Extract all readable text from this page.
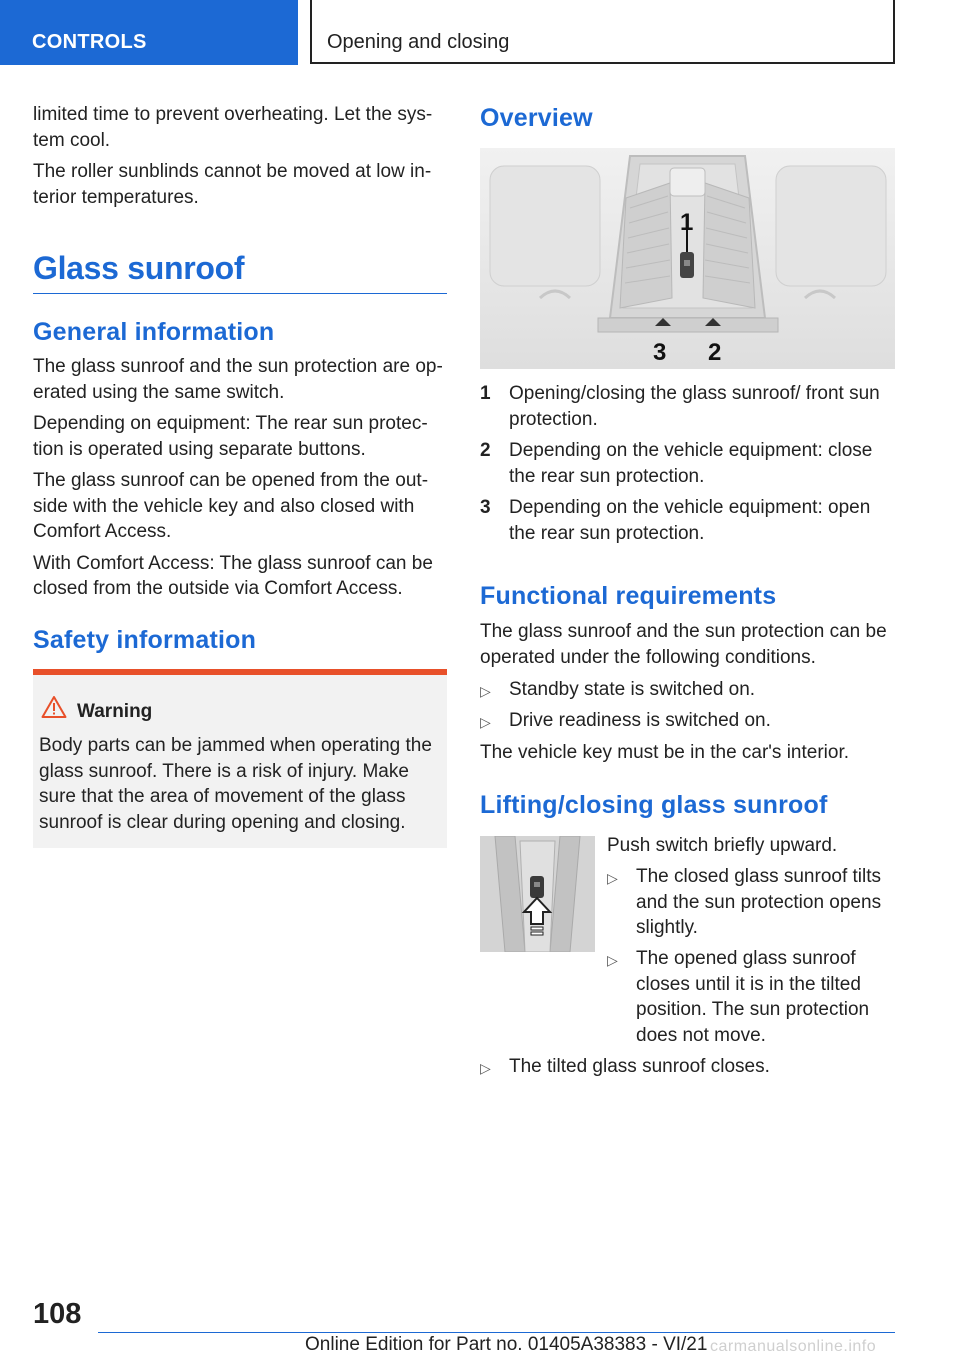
CONTROLS	Opening and closing

limited time to prevent overheating. Let the sys-

tem cool.

The roller sunblinds cannot be moved at low in-

terior temperatures.

Glass sunroof
General information

The glass sunroof and the sun protection are op-

erated using the same switch.

Depending on equipment: The rear sun protec-

tion is operated using separate buttons.

The glass sunroof can be opened from the out-

side with the vehicle key and also closed with

Comfort Access.

With Comfort Access: The glass sunroof can be

closed from the outside via Comfort Access.

Safety information
Warning

Body parts can be jammed when operating the

glass sunroof. There is a risk of injury. Make

sure that the area of movement of the glass

sunroof is clear during opening and closing.

Overview
1
3 2
1 Opening/closing the glass sunroof/ front sun

protection.

2 Depending on the vehicle equipment: close

the rear sun protection.

3 Depending on the vehicle equipment: open

the rear sun protection.

Functional requirements

The glass sunroof and the sun protection can be

operated under the following conditions.

▷ Standby state is switched on.

▷ Drive readiness is switched on.

The vehicle key must be in the car's interior.

Lifting/closing glass sunroof

Push switch briefly upward.

▷ The closed glass sunroof tilts

and the sun protection opens

slightly.

▷ The opened glass sunroof

closes until it is in the tilted

position. The sun protection

does not move.

▷ The tilted glass sunroof closes.

108
Online Edition for Part no. 01405A38383 - VI/21 carmanualsonline.info
